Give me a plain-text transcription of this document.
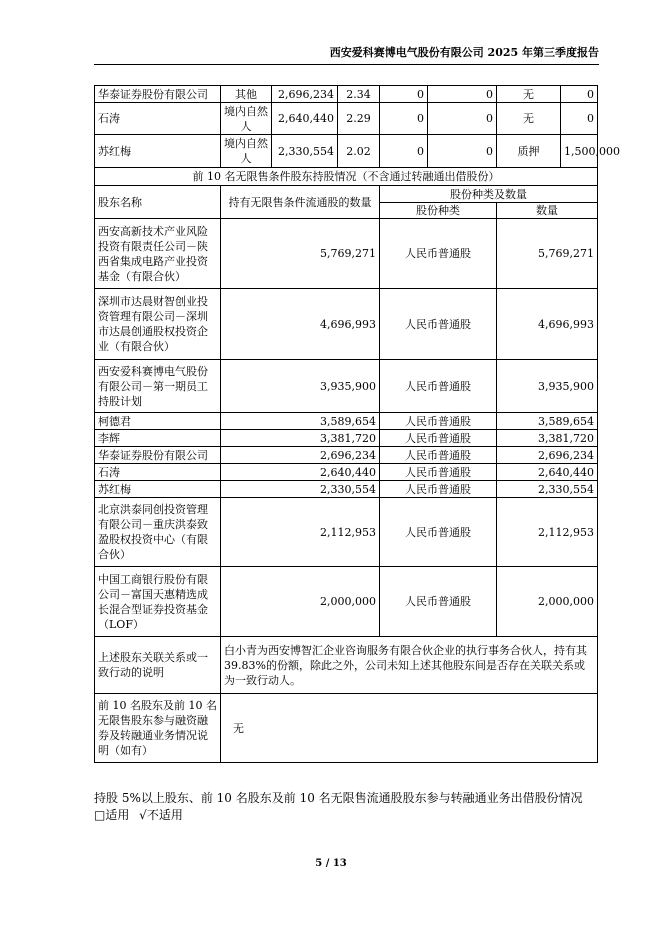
西安爱科赛博电气股份有限公司 2025 年第三季度报告
华泰证券股份有限公司	其他	2,696,234	2.34	0	0	无	0
石涛	境内自然人	2,640,440	2.29	0	0	无	0
苏红梅	境内自然人	2,330,554	2.02	0	0	质押	1,500,000
前 10 名无限售条件股东持股情况（不含通过转融通出借股份）							
股东名称	持有无限售条件流通股的数量			股份种类及数量			
				股份种类		数量	
西安高新技术产业风险投资有限责任公司－陕西省集成电路产业投资基金（有限合伙）	5,769,271			人民币普通股		5,769,271	
深圳市达晨财智创业投资管理有限公司－深圳市达晨创通股权投资企业（有限合伙）	4,696,993			人民币普通股		4,696,993	
西安爱科赛博电气股份有限公司－第一期员工持股计划	3,935,900			人民币普通股		3,935,900	
柯德君	3,589,654			人民币普通股		3,589,654	
李辉	3,381,720			人民币普通股		3,381,720	
华泰证券股份有限公司	2,696,234			人民币普通股		2,696,234	
石涛	2,640,440			人民币普通股		2,640,440	
苏红梅	2,330,554			人民币普通股		2,330,554	
北京洪泰同创投资管理有限公司－重庆洪泰致盈股权投资中心（有限合伙）	2,112,953			人民币普通股		2,112,953	
中国工商银行股份有限公司－富国天惠精选成长混合型证券投资基金（LOF）	2,000,000			人民币普通股		2,000,000	
上述股东关联关系或一致行动的说明	白小青为西安博智汇企业咨询服务有限合伙企业的执行事务合伙人，持有其 39.83%的份额，除此之外，公司未知上述其他股东间是否存在关联关系或为一致行动人。						
前 10 名股东及前 10 名无限售股东参与融资融券及转融通业务情况说明（如有）	无						
持股 5%以上股东、前 10 名股东及前 10 名无限售流通股股东参与转融通业务出借股份情况
□适用 √不适用
5 / 13
